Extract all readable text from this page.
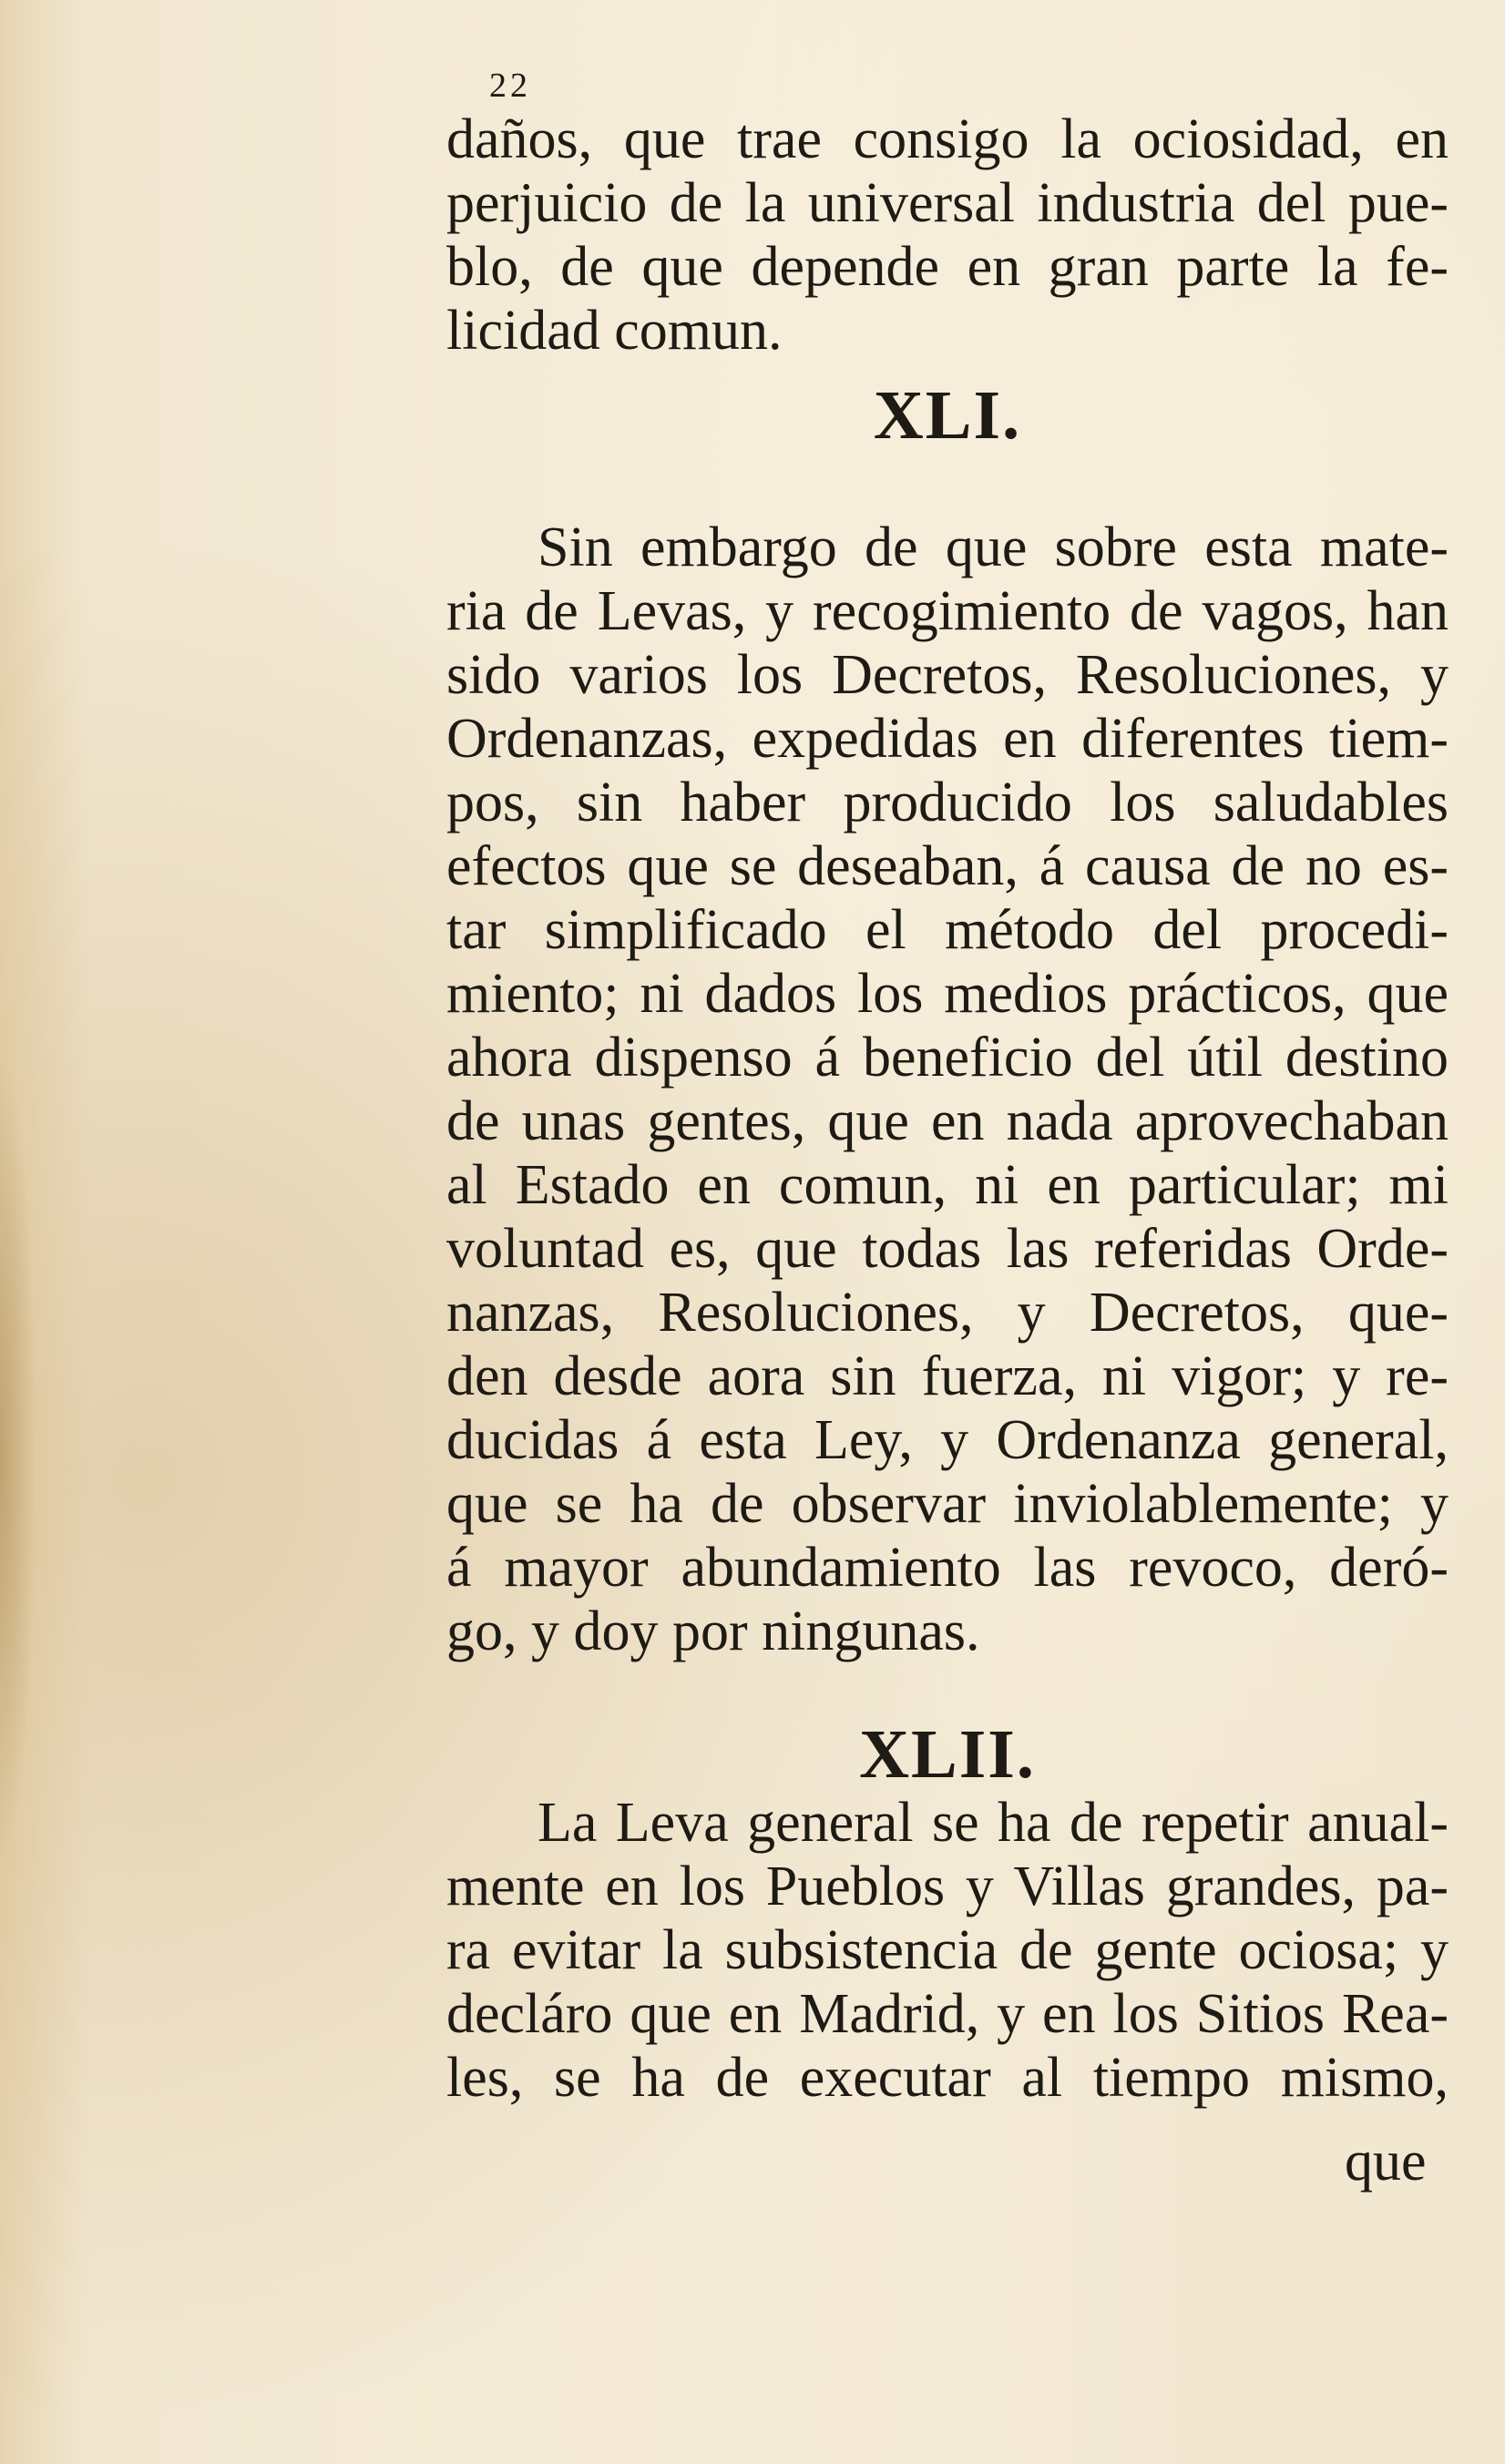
22
daños, que trae consigo la ociosidad, en
perjuicio de la universal industria del pue-
blo, de que depende en gran parte la fe-
licidad comun.
XLI.
Sin embargo de que sobre esta mate-
ria de Levas, y recogimiento de vagos, han
sido varios los Decretos, Resoluciones, y
Ordenanzas, expedidas en diferentes tiem-
pos, sin haber producido los saludables
efectos que se deseaban, á causa de no es-
tar simplificado el método del procedi-
miento; ni dados los medios prácticos, que
ahora dispenso á beneficio del útil destino
de unas gentes, que en nada aprovechaban
al Estado en comun, ni en particular; mi
voluntad es, que todas las referidas Orde-
nanzas, Resoluciones, y Decretos, que-
den desde aora sin fuerza, ni vigor; y re-
ducidas á esta Ley, y Ordenanza general,
que se ha de observar inviolablemente; y
á mayor abundamiento las revoco, deró-
go, y doy por ningunas.
XLII.
La Leva general se ha de repetir anual-
mente en los Pueblos y Villas grandes, pa-
ra evitar la subsistencia de gente ociosa; y
decláro que en Madrid, y en los Sitios Rea-
les, se ha de executar al tiempo mismo,
que
